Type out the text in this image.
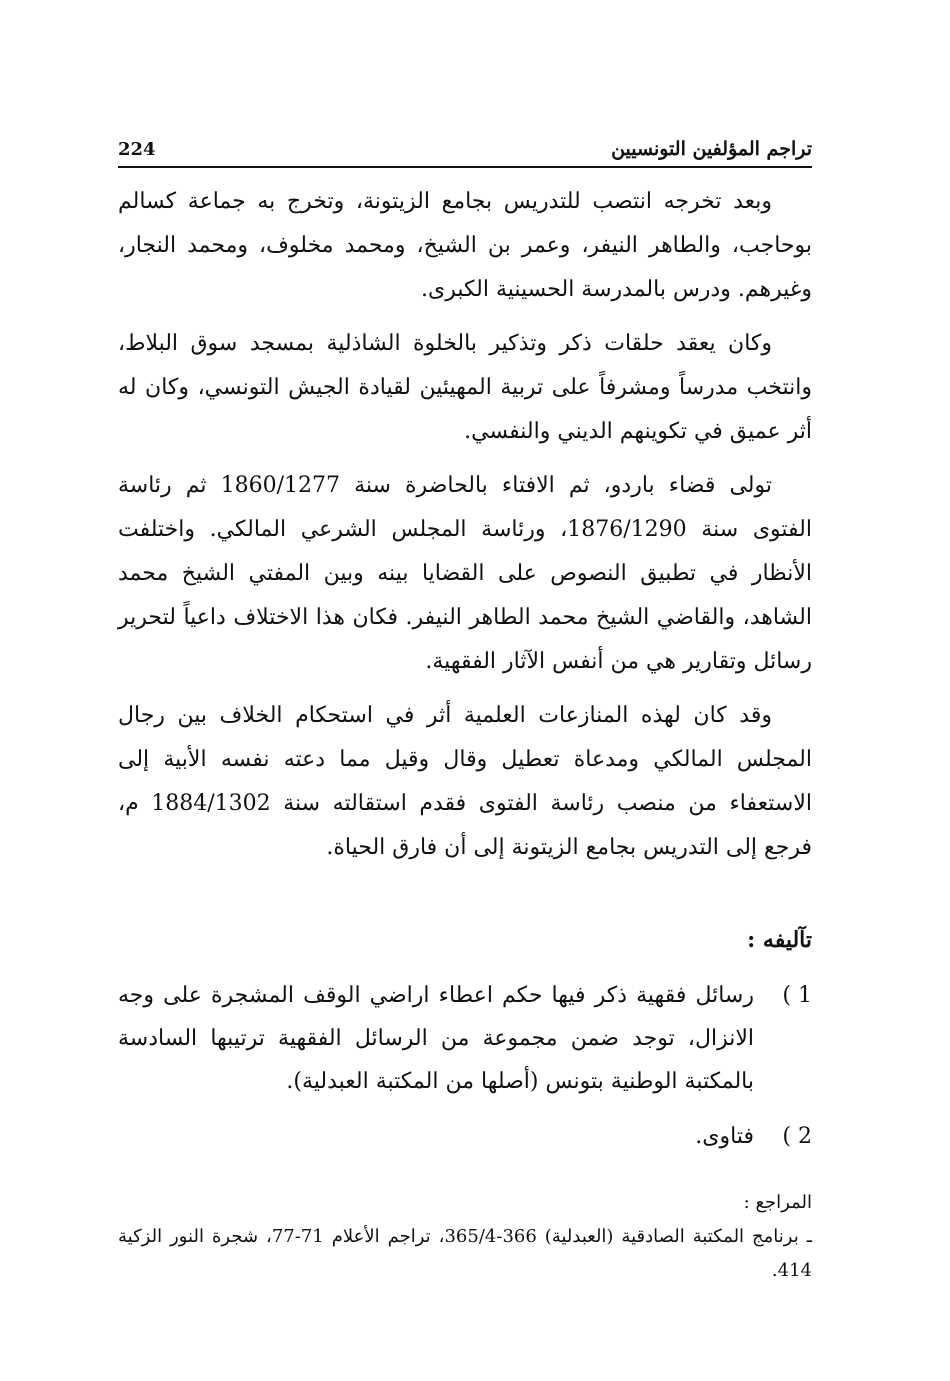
تراجم المؤلفين التونسيين
224

وبعد تخرجه انتصب للتدريس بجامع الزيتونة، وتخرج به جماعة كسالم بوحاجب، والطاهر النيفر، وعمر بن الشيخ، ومحمد مخلوف، ومحمد النجار، وغيرهم. ودرس بالمدرسة الحسينية الكبرى.

وكان يعقد حلقات ذكر وتذكير بالخلوة الشاذلية بمسجد سوق البلاط، وانتخب مدرساً ومشرفاً على تربية المهيئين لقيادة الجيش التونسي، وكان له أثر عميق في تكوينهم الديني والنفسي.

تولى قضاء باردو، ثم الافتاء بالحاضرة سنة 1860/1277 ثم رئاسة الفتوى سنة 1876/1290، ورئاسة المجلس الشرعي المالكي. واختلفت الأنظار في تطبيق النصوص على القضايا بينه وبين المفتي الشيخ محمد الشاهد، والقاضي الشيخ محمد الطاهر النيفر. فكان هذا الاختلاف داعياً لتحرير رسائل وتقارير هي من أنفس الآثار الفقهية.

وقد كان لهذه المنازعات العلمية أثر في استحكام الخلاف بين رجال المجلس المالكي ومدعاة تعطيل وقال وقيل مما دعته نفسه الأبية إلى الاستعفاء من منصب رئاسة الفتوى فقدم استقالته سنة 1884/1302 م، فرجع إلى التدريس بجامع الزيتونة إلى أن فارق الحياة.

تآليفه :
1 )
رسائل فقهية ذكر فيها حكم اعطاء اراضي الوقف المشجرة على وجه الانزال، توجد ضمن مجموعة من الرسائل الفقهية ترتيبها السادسة بالمكتبة الوطنية بتونس (أصلها من المكتبة العبدلية).
2 )
فتاوى.

المراجع :

ـ برنامج المكتبة الصادقية (العبدلية) 366-365/4، تراجم الأعلام 71-77، شجرة النور الزكية 414.
